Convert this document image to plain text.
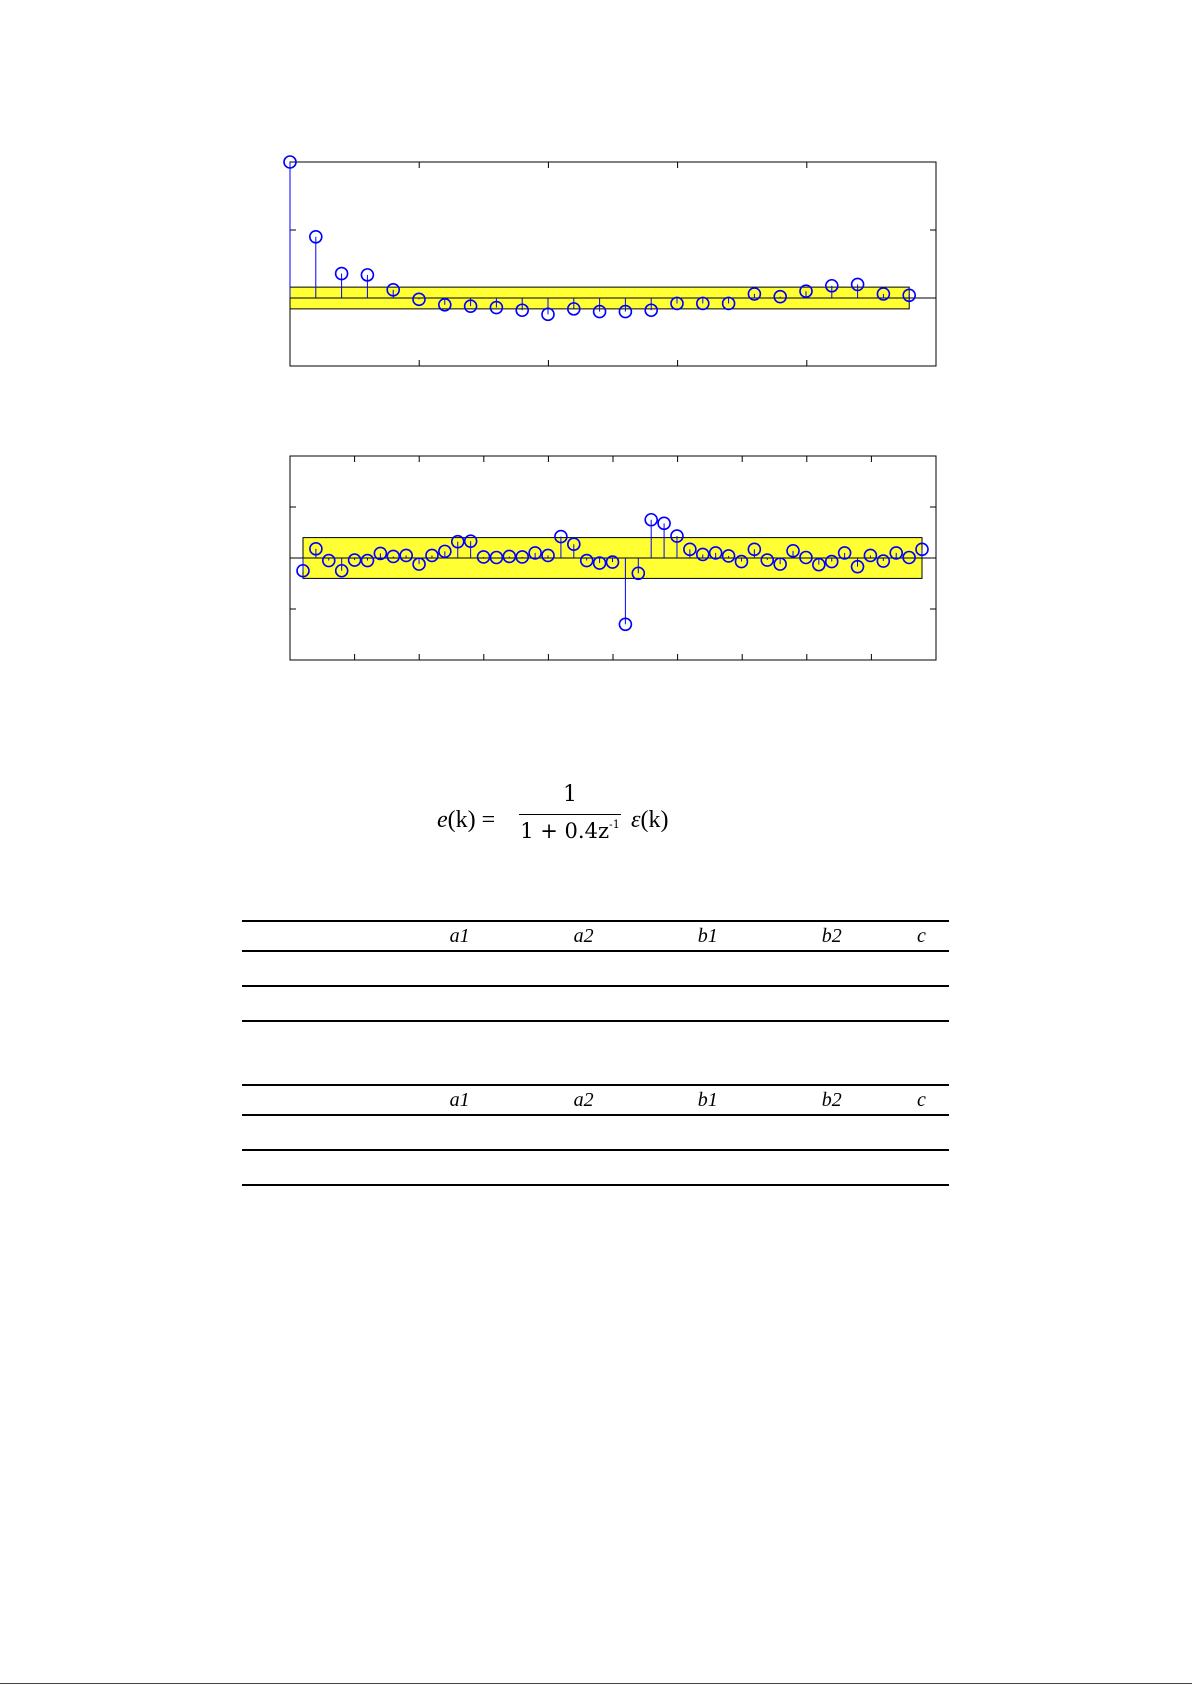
e(k) =
1
$1 + 0.4z^{-1}$ ε(k)
	a1	a2	b1	b2	c

	a1	a2	b1	b2	c
